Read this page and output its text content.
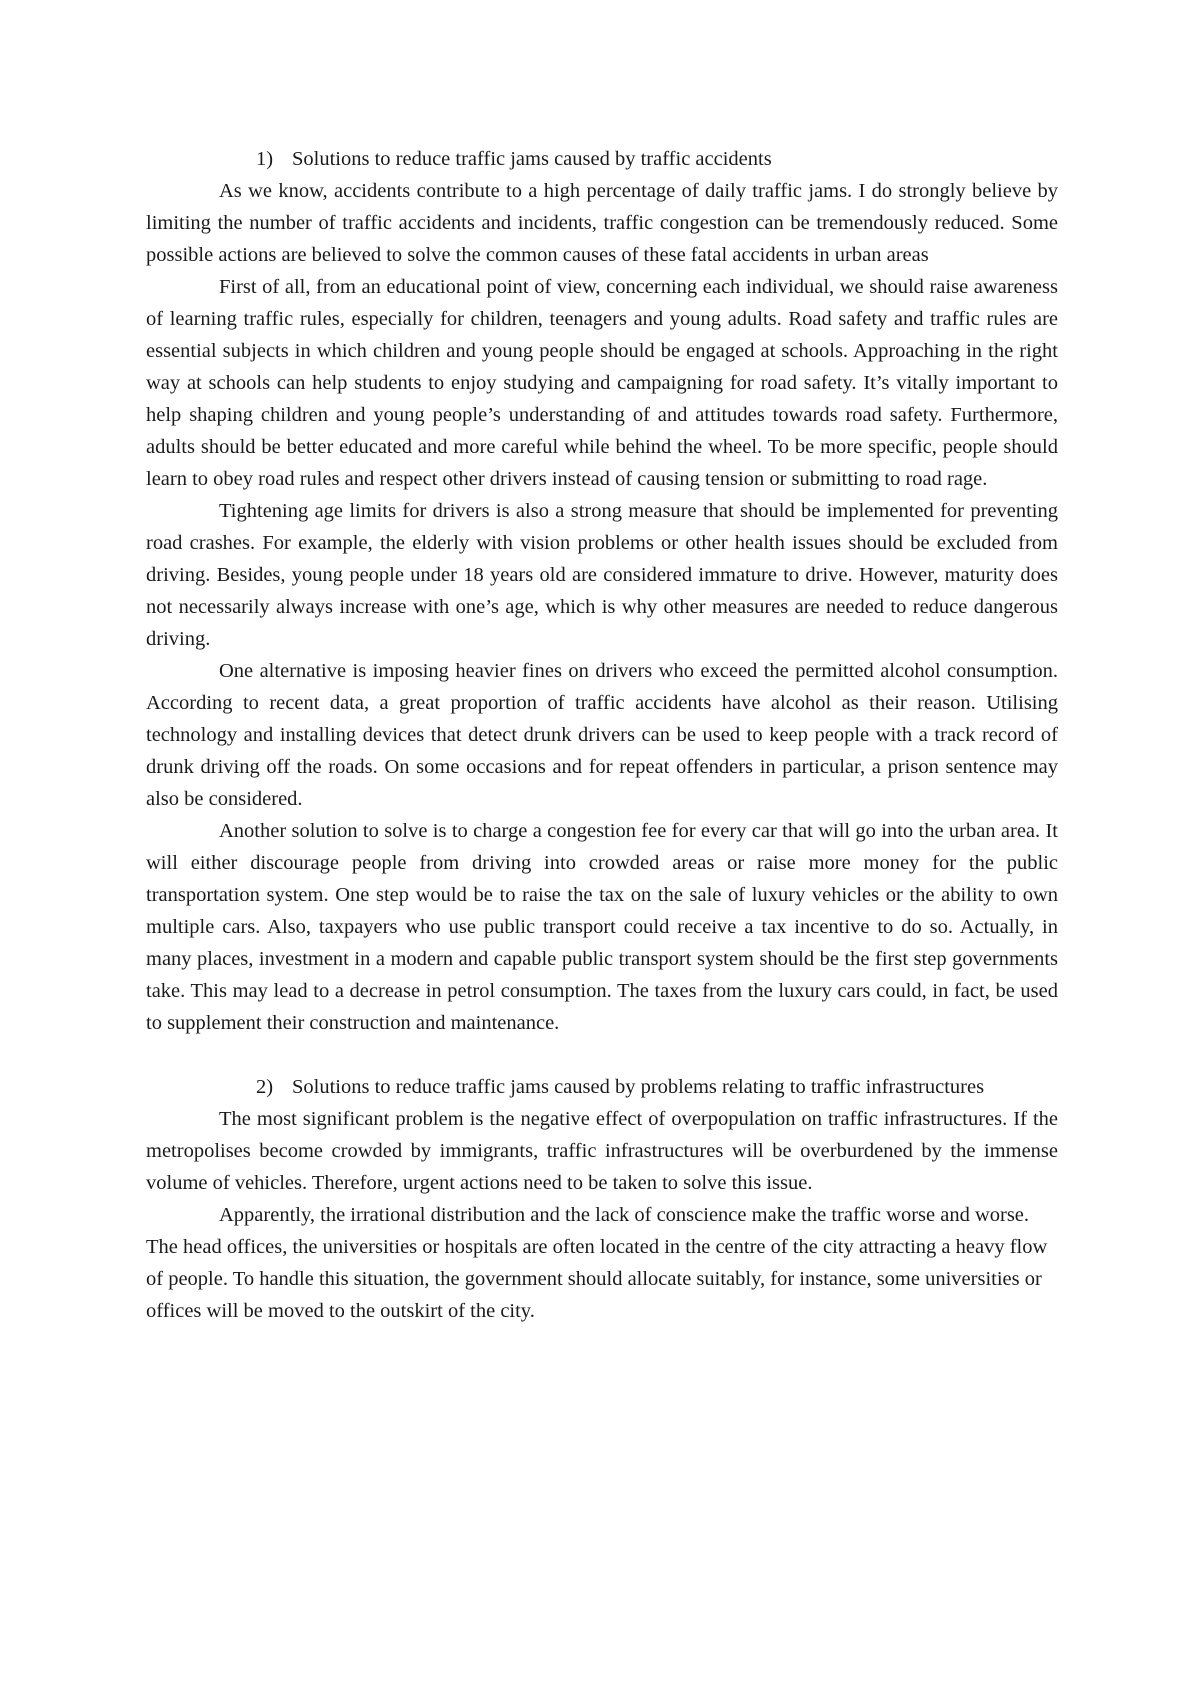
1) Solutions to reduce traffic jams caused by traffic accidents

As we know, accidents contribute to a high percentage of daily traffic jams. I do strongly believe by limiting the number of traffic accidents and incidents, traffic congestion can be tremendously reduced. Some possible actions are believed to solve the common causes of these fatal accidents in urban areas

First of all, from an educational point of view, concerning each individual, we should raise awareness of learning traffic rules, especially for children, teenagers and young adults. Road safety and traffic rules are essential subjects in which children and young people should be engaged at schools. Approaching in the right way at schools can help students to enjoy studying and campaigning for road safety. It’s vitally important to help shaping children and young people’s understanding of and attitudes towards road safety. Furthermore, adults should be better educated and more careful while behind the wheel. To be more specific, people should learn to obey road rules and respect other drivers instead of causing tension or submitting to road rage.

Tightening age limits for drivers is also a strong measure that should be implemented for preventing road crashes. For example, the elderly with vision problems or other health issues should be excluded from driving. Besides, young people under 18 years old are considered immature to drive. However, maturity does not necessarily always increase with one’s age, which is why other measures are needed to reduce dangerous driving.

One alternative is imposing heavier fines on drivers who exceed the permitted alcohol consumption. According to recent data, a great proportion of traffic accidents have alcohol as their reason. Utilising technology and installing devices that detect drunk drivers can be used to keep people with a track record of drunk driving off the roads. On some occasions and for repeat offenders in particular, a prison sentence may also be considered.

Another solution to solve is to charge a congestion fee for every car that will go into the urban area. It will either discourage people from driving into crowded areas or raise more money for the public transportation system. One step would be to raise the tax on the sale of luxury vehicles or the ability to own multiple cars. Also, taxpayers who use public transport could receive a tax incentive to do so. Actually, in many places, investment in a modern and capable public transport system should be the first step governments take. This may lead to a decrease in petrol consumption. The taxes from the luxury cars could, in fact, be used to supplement their construction and maintenance.

2) Solutions to reduce traffic jams caused by problems relating to traffic infrastructures

The most significant problem is the negative effect of overpopulation on traffic infrastructures. If the metropolises become crowded by immigrants, traffic infrastructures will be overburdened by the immense volume of vehicles. Therefore, urgent actions need to be taken to solve this issue.

Apparently, the irrational distribution and the lack of conscience make the traffic worse and worse. The head offices, the universities or hospitals are often located in the centre of the city attracting a heavy flow of people. To handle this situation, the government should allocate suitably, for instance, some universities or offices will be moved to the outskirt of the city.
